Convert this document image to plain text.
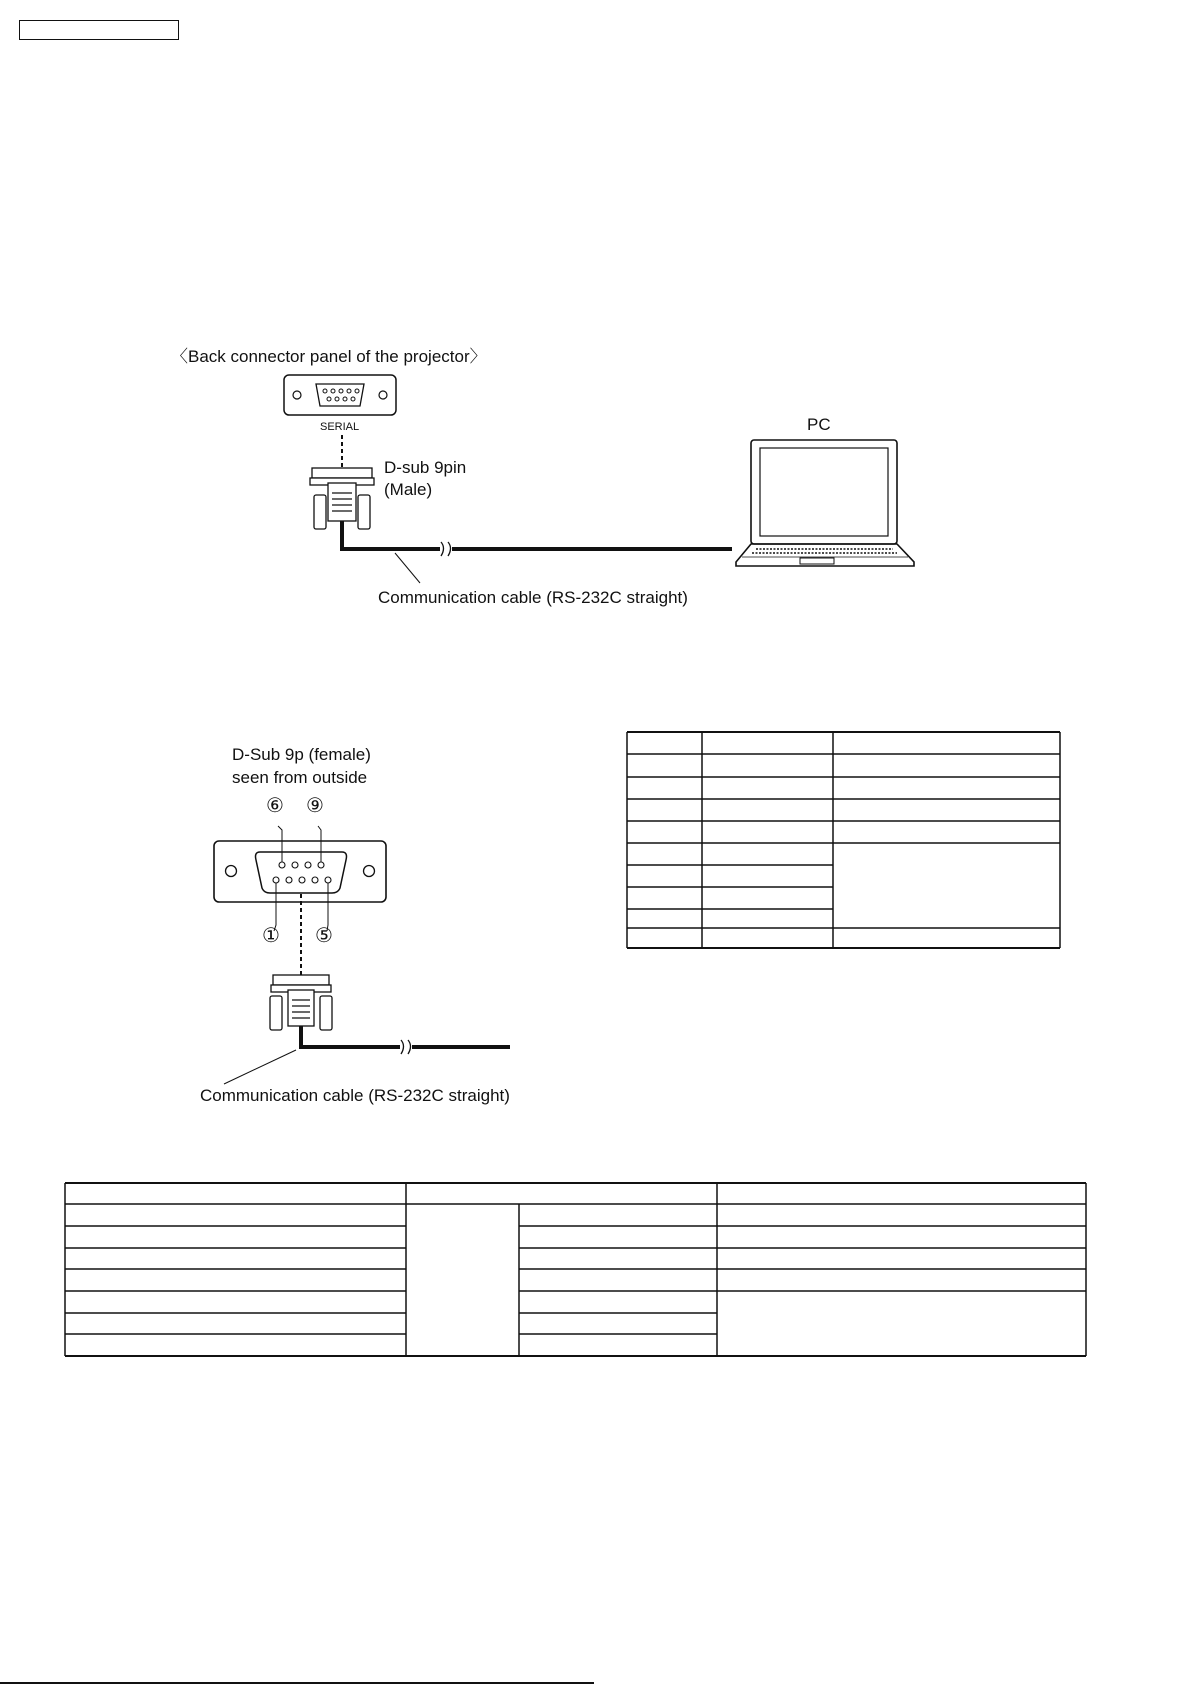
〈Back connector panel of the projector〉
SERIAL	PC
D-sub 9pin
(Male)
Communication cable (RS-232C straight)
D-Sub 9p (female)
seen from outside
⑥ ⑨
① ⑤
Communication cable (RS-232C straight)
